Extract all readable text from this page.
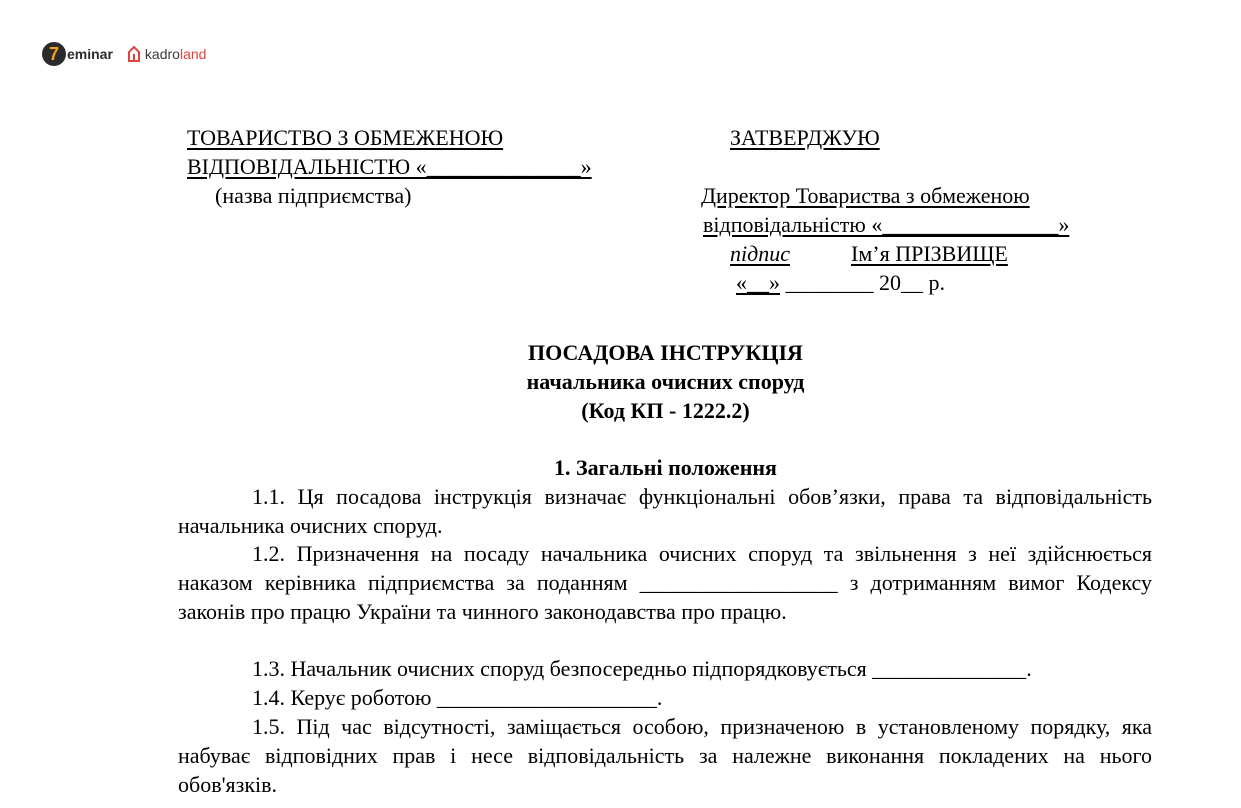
7 eminar kadroland
ТОВАРИСТВО З ОБМЕЖЕНОЮ
ВІДПОВІДАЛЬНІСТЮ «______________»
(назва підприємства)
ЗАТВЕРДЖУЮ
Директор Товариства з обмеженою
відповідальністю «________________»
підпис	Ім’я ПРІЗВИЩЕ
«__» ________ 20__ р.
ПОСАДОВА ІНСТРУКЦІЯ
начальника очисних споруд
(Код КП - 1222.2)
1. Загальні положення
1.1. Ця посадова інструкція визначає функціональні обов’язки, права та відповідальність начальника очисних споруд.
1.2. Призначення на посаду начальника очисних споруд та звільнення з неї здійснюється наказом керівника підприємства за поданням __________________ з дотриманням вимог Кодексу законів про працю України та чинного законодавства про працю.
1.3. Начальник очисних споруд безпосередньо підпорядковується ______________.
1.4. Керує роботою ____________________.
1.5. Під час відсутності, заміщається особою, призначеною в установленому порядку, яка набуває відповідних прав і несе відповідальність за належне виконання покладених на нього обов'язків.
